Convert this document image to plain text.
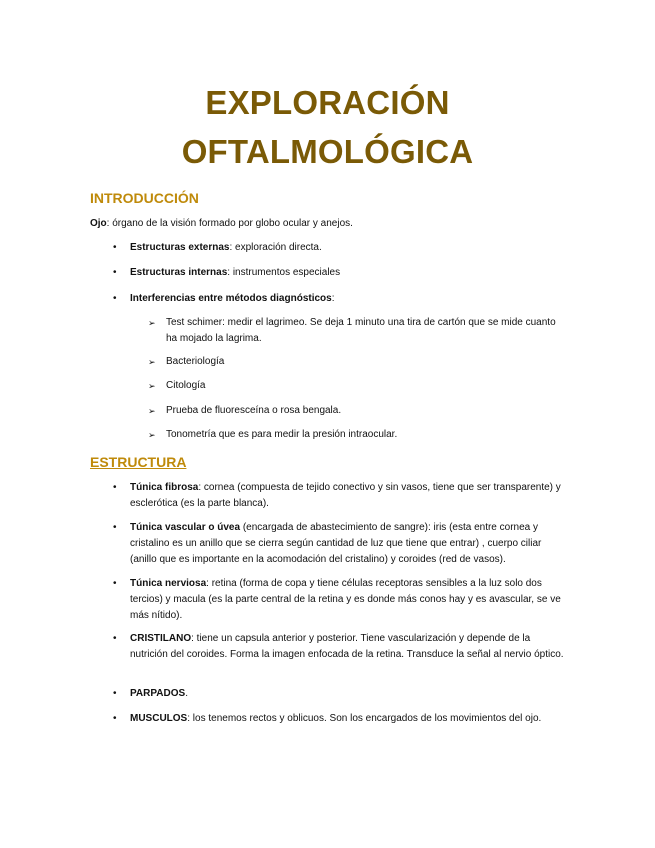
EXPLORACIÓN
OFTALMOLÓGICA
INTRODUCCIÓN
Ojo: órgano de la visión formado por globo ocular y anejos.
• Estructuras externas: exploración directa.
• Estructuras internas: instrumentos especiales
• Interferencias entre métodos diagnósticos:
➢ Test schimer: medir el lagrimeo. Se deja 1 minuto una tira de cartón que se mide cuanto ha mojado la lagrima.
➢ Bacteriología
➢ Citología
➢ Prueba de fluoresceína o rosa bengala.
➢ Tonometría que es para medir la presión intraocular.
ESTRUCTURA
• Túnica fibrosa: cornea (compuesta de tejido conectivo y sin vasos, tiene que ser transparente) y esclerótica (es la parte blanca).
• Túnica vascular o úvea (encargada de abastecimiento de sangre): iris (esta entre cornea y cristalino es un anillo que se cierra según cantidad de luz que tiene que entrar) , cuerpo ciliar (anillo que es importante en la acomodación del cristalino) y coroides (red de vasos).
• Túnica nerviosa: retina (forma de copa y tiene células receptoras sensibles a la luz solo dos tercios) y macula (es la parte central de la retina y es donde más conos hay y es avascular, se ve más nítido).
• CRISTILANO: tiene un capsula anterior y posterior. Tiene vascularización y depende de la nutrición del coroides. Forma la imagen enfocada de la retina. Transduce la señal al nervio óptico.
• PARPADOS.
• MUSCULOS: los tenemos rectos y oblicuos. Son los encargados de los movimientos del ojo.
